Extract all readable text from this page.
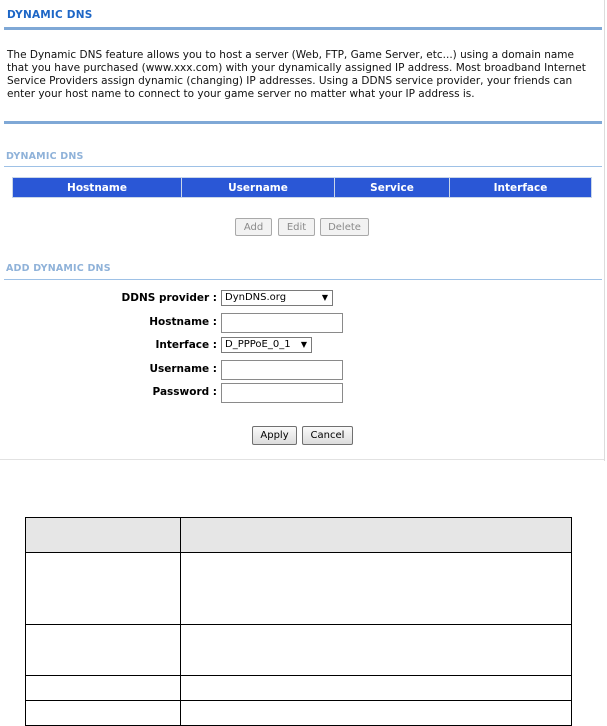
DYNAMIC DNS
The Dynamic DNS feature allows you to host a server (Web, FTP, Game Server, etc...) using a domain name that you have purchased (www.xxx.com) with your dynamically assigned IP address. Most broadband Internet Service Providers assign dynamic (changing) IP addresses. Using a DDNS service provider, your friends can enter your host name to connect to your game server no matter what your IP address is.
DYNAMIC DNS
Hostname	Username	Service	Interface
Add	Edit	Delete
ADD DYNAMIC DNS
DDNS provider : DynDNS.org	▼
Hostname :
Interface : D_PPPoE_0_1 ▼
Username :
Password :
Apply	Cancel
